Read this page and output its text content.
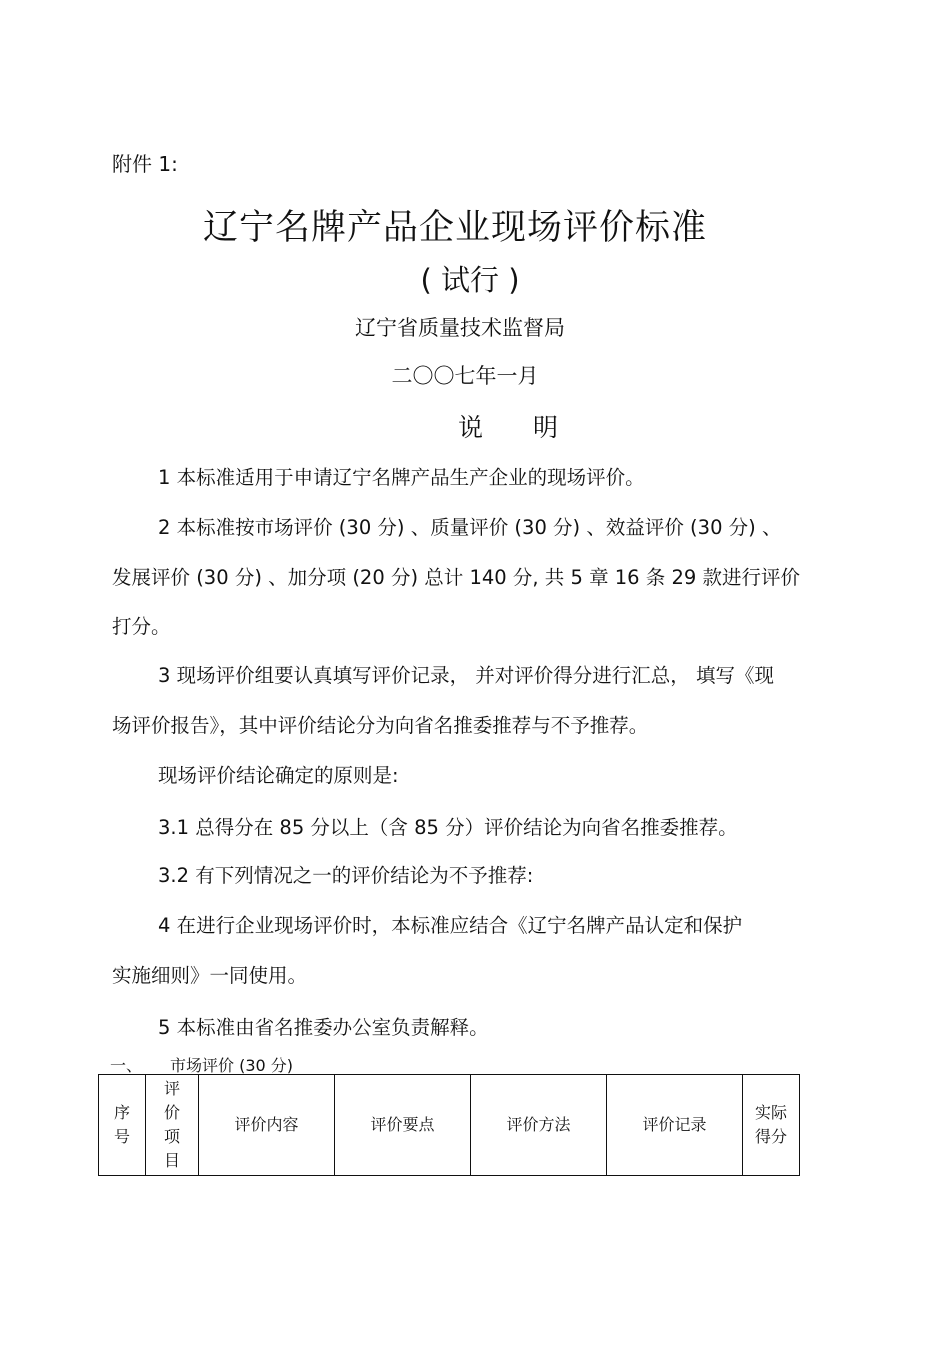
附件 1:
辽宁名牌产品企业现场评价标准
( 试行 )
辽宁省质量技术监督局
二〇〇七年一月
说　　明
1 本标准适用于申请辽宁名牌产品生产企业的现场评价。
2 本标准按市场评价 (30 分) 、质量评价 (30 分) 、效益评价 (30 分) 、
发展评价 (30 分) 、加分项 (20 分) 总计 140 分, 共 5 章 16 条 29 款进行评价
打分。
3 现场评价组要认真填写评价记录， 并对评价得分进行汇总， 填写《现
场评价报告》，其中评价结论分为向省名推委推荐与不予推荐。
现场评价结论确定的原则是:
3.1 总得分在 85 分以上（含 85 分）评价结论为向省名推委推荐。
3.2 有下列情况之一的评价结论为不予推荐:
4 在进行企业现场评价时，本标准应结合《辽宁名牌产品认定和保护
实施细则》一同使用。
5 本标准由省名推委办公室负责解释。
一、 市场评价 (30 分)
序号	评价项目	评价内容	评价要点	评价方法	评价记录	实际得分
